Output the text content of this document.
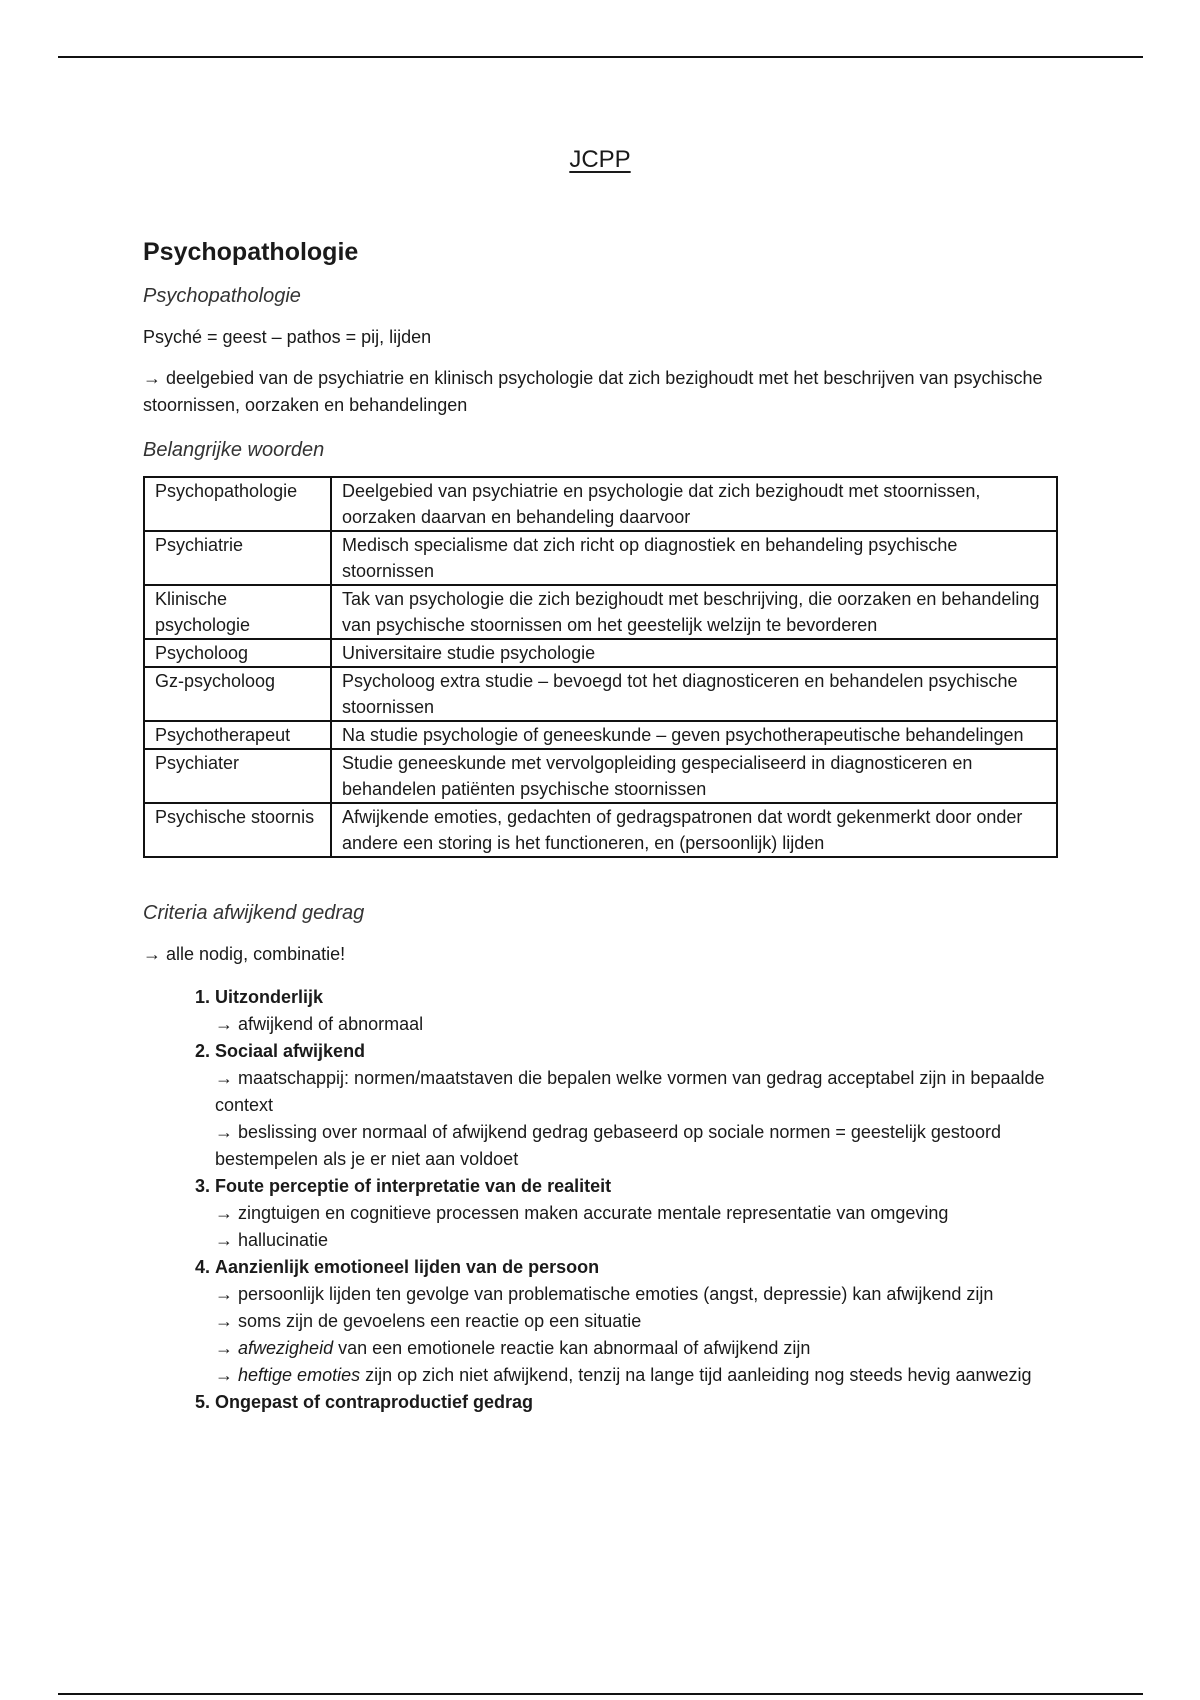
JCPP
Psychopathologie
Psychopathologie

Psyché = geest – pathos = pij, lijden

→ deelgebied van de psychiatrie en klinisch psychologie dat zich bezighoudt met het beschrijven van psychische stoornissen, oorzaken en behandelingen

Belangrijke woorden
Psychopathologie	Deelgebied van psychiatrie en psychologie dat zich bezighoudt met stoornissen, oorzaken daarvan en behandeling daarvoor
Psychiatrie	Medisch specialisme dat zich richt op diagnostiek en behandeling psychische stoornissen
Klinische psychologie	Tak van psychologie die zich bezighoudt met beschrijving, die oorzaken en behandeling van psychische stoornissen om het geestelijk welzijn te bevorderen
Psycholoog	Universitaire studie psychologie
Gz-psycholoog	Psycholoog extra studie – bevoegd tot het diagnosticeren en behandelen psychische stoornissen
Psychotherapeut	Na studie psychologie of geneeskunde – geven psychotherapeutische behandelingen
Psychiater	Studie geneeskunde met vervolgopleiding gespecialiseerd in diagnosticeren en behandelen patiënten psychische stoornissen
Psychische stoornis	Afwijkende emoties, gedachten of gedragspatronen dat wordt gekenmerkt door onder andere een storing is het functioneren, en (persoonlijk) lijden
Criteria afwijkend gedrag

→ alle nodig, combinatie!

1. Uitzonderlijk
→ afwijkend of abnormaal
2. Sociaal afwijkend
→ maatschappij: normen/maatstaven die bepalen welke vormen van gedrag acceptabel zijn in bepaalde context
→ beslissing over normaal of afwijkend gedrag gebaseerd op sociale normen = geestelijk gestoord bestempelen als je er niet aan voldoet
3. Foute perceptie of interpretatie van de realiteit
→ zingtuigen en cognitieve processen maken accurate mentale representatie van omgeving
→ hallucinatie
4. Aanzienlijk emotioneel lijden van de persoon
→ persoonlijk lijden ten gevolge van problematische emoties (angst, depressie) kan afwijkend zijn
→ soms zijn de gevoelens een reactie op een situatie
→ afwezigheid van een emotionele reactie kan abnormaal of afwijkend zijn
→ heftige emoties zijn op zich niet afwijkend, tenzij na lange tijd aanleiding nog steeds hevig aanwezig
5. Ongepast of contraproductief gedrag
